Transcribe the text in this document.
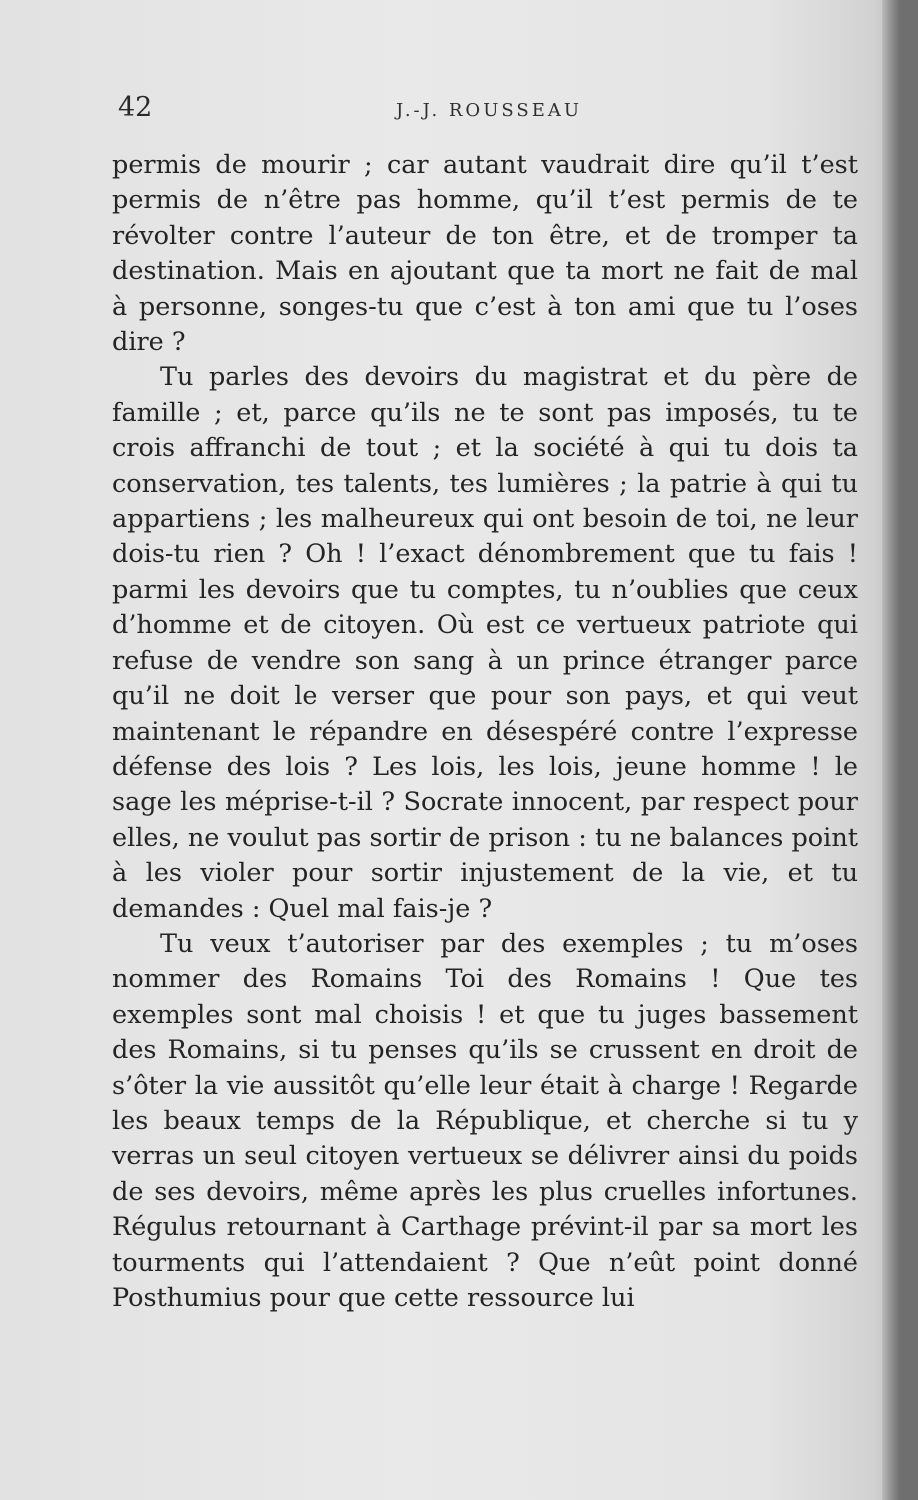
42	J.-J. ROUSSEAU

permis de mourir ; car autant vaudrait dire qu’il t’est permis de n’être pas homme, qu’il t’est permis de te révolter contre l’auteur de ton être, et de tromper ta destination. Mais en ajoutant que ta mort ne fait de mal à personne, songes-tu que c’est à ton ami que tu l’oses dire ?

Tu parles des devoirs du magistrat et du père de famille ; et, parce qu’ils ne te sont pas imposés, tu te crois affranchi de tout ; et la société à qui tu dois ta conservation, tes talents, tes lumières ; la patrie à qui tu appartiens ; les malheureux qui ont besoin de toi, ne leur dois-tu rien ? Oh ! l’exact dénombrement que tu fais ! parmi les devoirs que tu comptes, tu n’oublies que ceux d’homme et de citoyen. Où est ce vertueux patriote qui refuse de vendre son sang à un prince étranger parce qu’il ne doit le verser que pour son pays, et qui veut maintenant le répandre en désespéré contre l’expresse défense des lois ? Les lois, les lois, jeune homme ! le sage les méprise-t-il ? Socrate innocent, par respect pour elles, ne voulut pas sortir de prison : tu ne balances point à les violer pour sortir injustement de la vie, et tu demandes : Quel mal fais-je ?

Tu veux t’autoriser par des exemples ; tu m’oses nommer des Romains Toi des Romains ! Que tes exemples sont mal choisis ! et que tu juges bassement des Romains, si tu penses qu’ils se crussent en droit de s’ôter la vie aussitôt qu’elle leur était à charge ! Regarde les beaux temps de la République, et cherche si tu y verras un seul citoyen vertueux se délivrer ainsi du poids de ses devoirs, même après les plus cruelles infortunes. Régulus retournant à Carthage prévint-il par sa mort les tourments qui l’attendaient ? Que n’eût point donné Posthumius pour que cette ressource lui
